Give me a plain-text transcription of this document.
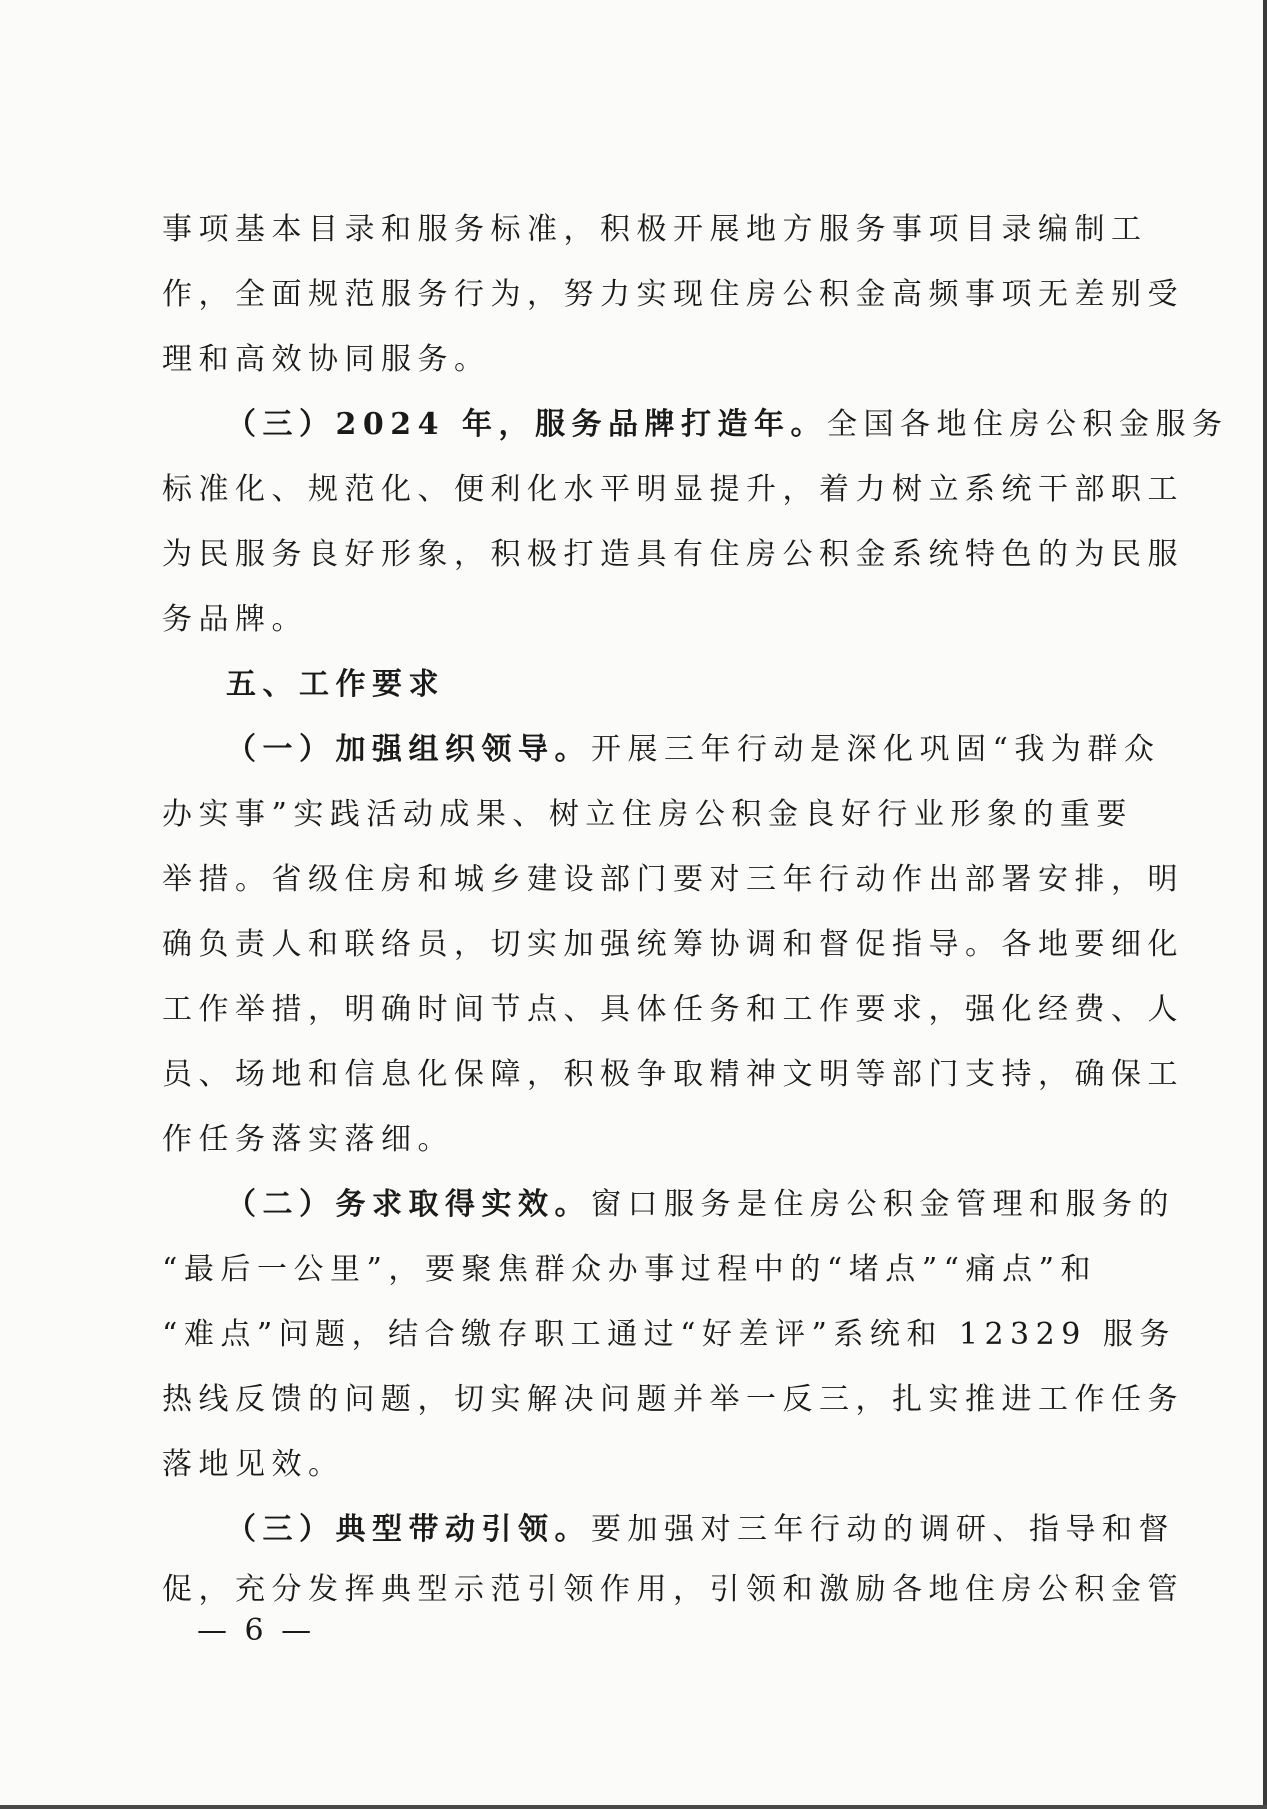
事项基本目录和服务标准，积极开展地方服务事项目录编制工
作，全面规范服务行为，努力实现住房公积金高频事项无差别受
理和高效协同服务。
（三）2024 年，服务品牌打造年。全国各地住房公积金服务
标准化、规范化、便利化水平明显提升，着力树立系统干部职工
为民服务良好形象，积极打造具有住房公积金系统特色的为民服
务品牌。
五、工作要求
（一）加强组织领导。开展三年行动是深化巩固“我为群众
办实事”实践活动成果、树立住房公积金良好行业形象的重要
举措。省级住房和城乡建设部门要对三年行动作出部署安排，明
确负责人和联络员，切实加强统筹协调和督促指导。各地要细化
工作举措，明确时间节点、具体任务和工作要求，强化经费、人
员、场地和信息化保障，积极争取精神文明等部门支持，确保工
作任务落实落细。
（二）务求取得实效。窗口服务是住房公积金管理和服务的
“最后一公里”，要聚焦群众办事过程中的“堵点”“痛点”和
“难点”问题，结合缴存职工通过“好差评”系统和 12329 服务
热线反馈的问题，切实解决问题并举一反三，扎实推进工作任务
落地见效。
（三）典型带动引领。要加强对三年行动的调研、指导和督
促，充分发挥典型示范引领作用，引领和激励各地住房公积金管
— 6 —
